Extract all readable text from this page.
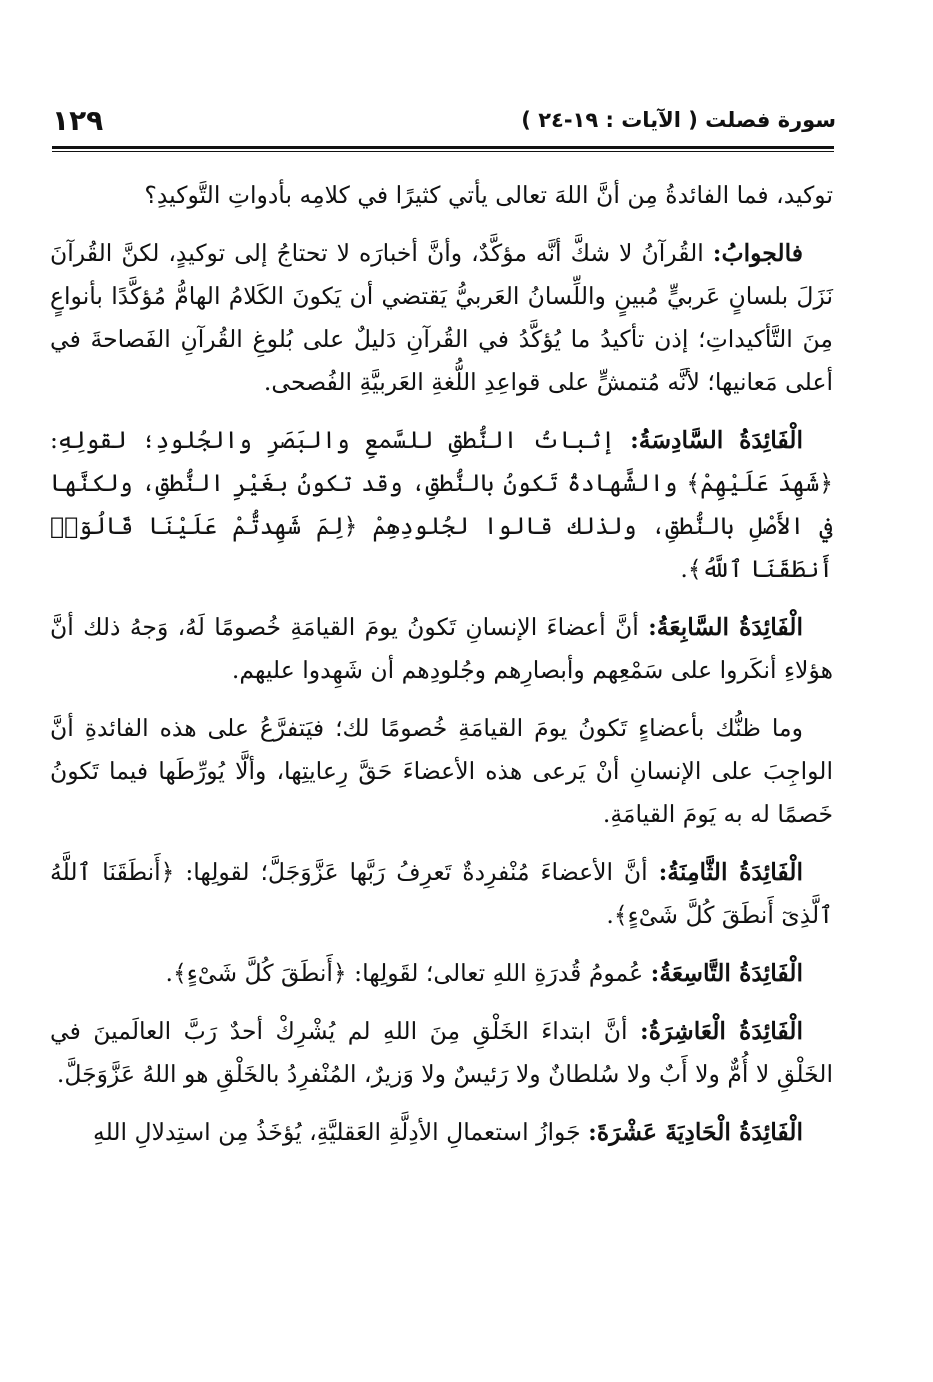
سورة فصلت ( الآيات : ١٩-٢٤ )
١٢٩

توكيد، فما الفائدةُ مِن أنَّ اللهَ تعالى يأتي كثيرًا في كلامِه بأدواتِ التَّوكيدِ؟

فالجوابُ: القُرآنُ لا شكَّ أنَّه مؤكَّدٌ، وأنَّ أخبارَه لا تحتاجُ إلى توكيدٍ، لكنَّ القُرآنَ نَزَلَ بلسانٍ عَربيٍّ مُبينٍ واللِّسانُ العَربيُّ يَقتضي أن يَكونَ الكَلامُ الهامُّ مُؤكَّدًا بأنواعٍ مِنَ التَّأكيداتِ؛ إذن تأكيدُ ما يُؤكَّدُ في القُرآنِ دَليلٌ على بُلوغِ القُرآنِ الفَصاحةَ في أعلى مَعانيها؛ لأنَّه مُتمشٍّ على قواعِدِ اللُّغةِ العَربيَّةِ الفُصحى.

الْفَائِدَةُ السَّادِسَةُ: إثباتُ النُّطقِ للسَّمعِ والبَصَرِ والجُلودِ؛ لقولِهِ: ﴿شَهِدَ عَلَيْهِمْ﴾ والشَّهادةُ تَكونُ بالنُّطقِ، وقد تكونُ بغَيْرِ النُّطقِ، ولكنَّها في الأَصْلِ بالنُّطقِ، ولذلك قالوا لجُلودِهِمْ ﴿لِمَ شَهِدتُّمْ عَلَيْنَا قَالُوٓا۟ أَنطَقَنَا ٱللَّهُ﴾.

الْفَائِدَةُ السَّابِعَةُ: أنَّ أعضاءَ الإنسانِ تَكونُ يومَ القيامَةِ خُصومًا لَهُ، وَجهُ ذلك أنَّ هؤلاءِ أنكَروا على سَمْعِهم وأبصارِهم وجُلودِهم أن شَهِدوا عليهم.

وما ظنُّك بأعضاءٍ تَكونُ يومَ القيامَةِ خُصومًا لك؛ فيَتفرَّعُ على هذه الفائدةِ أنَّ الواجِبَ على الإنسانِ أنْ يَرعى هذه الأعضاءَ حَقَّ رِعايتِها، وألَّا يُورِّطَها فيما تَكونُ خَصمًا له به يَومَ القيامَةِ.

الْفَائِدَةُ الثَّامِنَةُ: أنَّ الأعضاءَ مُنْفرِدةٌ تَعرِفُ رَبَّها عَزَّوَجَلَّ؛ لقولِها: ﴿أَنطَقَنَا ٱللَّهُ ٱلَّذِىٓ أَنطَقَ كُلَّ شَىْءٍ﴾.

الْفَائِدَةُ التَّاسِعَةُ: عُمومُ قُدرَةِ اللهِ تعالى؛ لقَولِها: ﴿أَنطَقَ كُلَّ شَىْءٍ﴾.

الْفَائِدَةُ الْعَاشِرَةُ: أنَّ ابتداءَ الخَلْقِ مِنَ اللهِ لم يُشْرِكْ أحدٌ رَبَّ العالَمينَ في الخَلْقِ لا أُمٌّ ولا أَبٌ ولا سُلطانٌ ولا رَئيسٌ ولا وَزيرٌ، المُنْفرِدُ بالخَلْقِ هو اللهُ عَزَّوَجَلَّ.

الْفَائِدَةُ الْحَادِيَةَ عَشْرَةَ: جَوازُ استعمالِ الأدِلَّةِ العَقليَّةِ، يُؤخَذُ مِن استِدلالِ اللهِ
